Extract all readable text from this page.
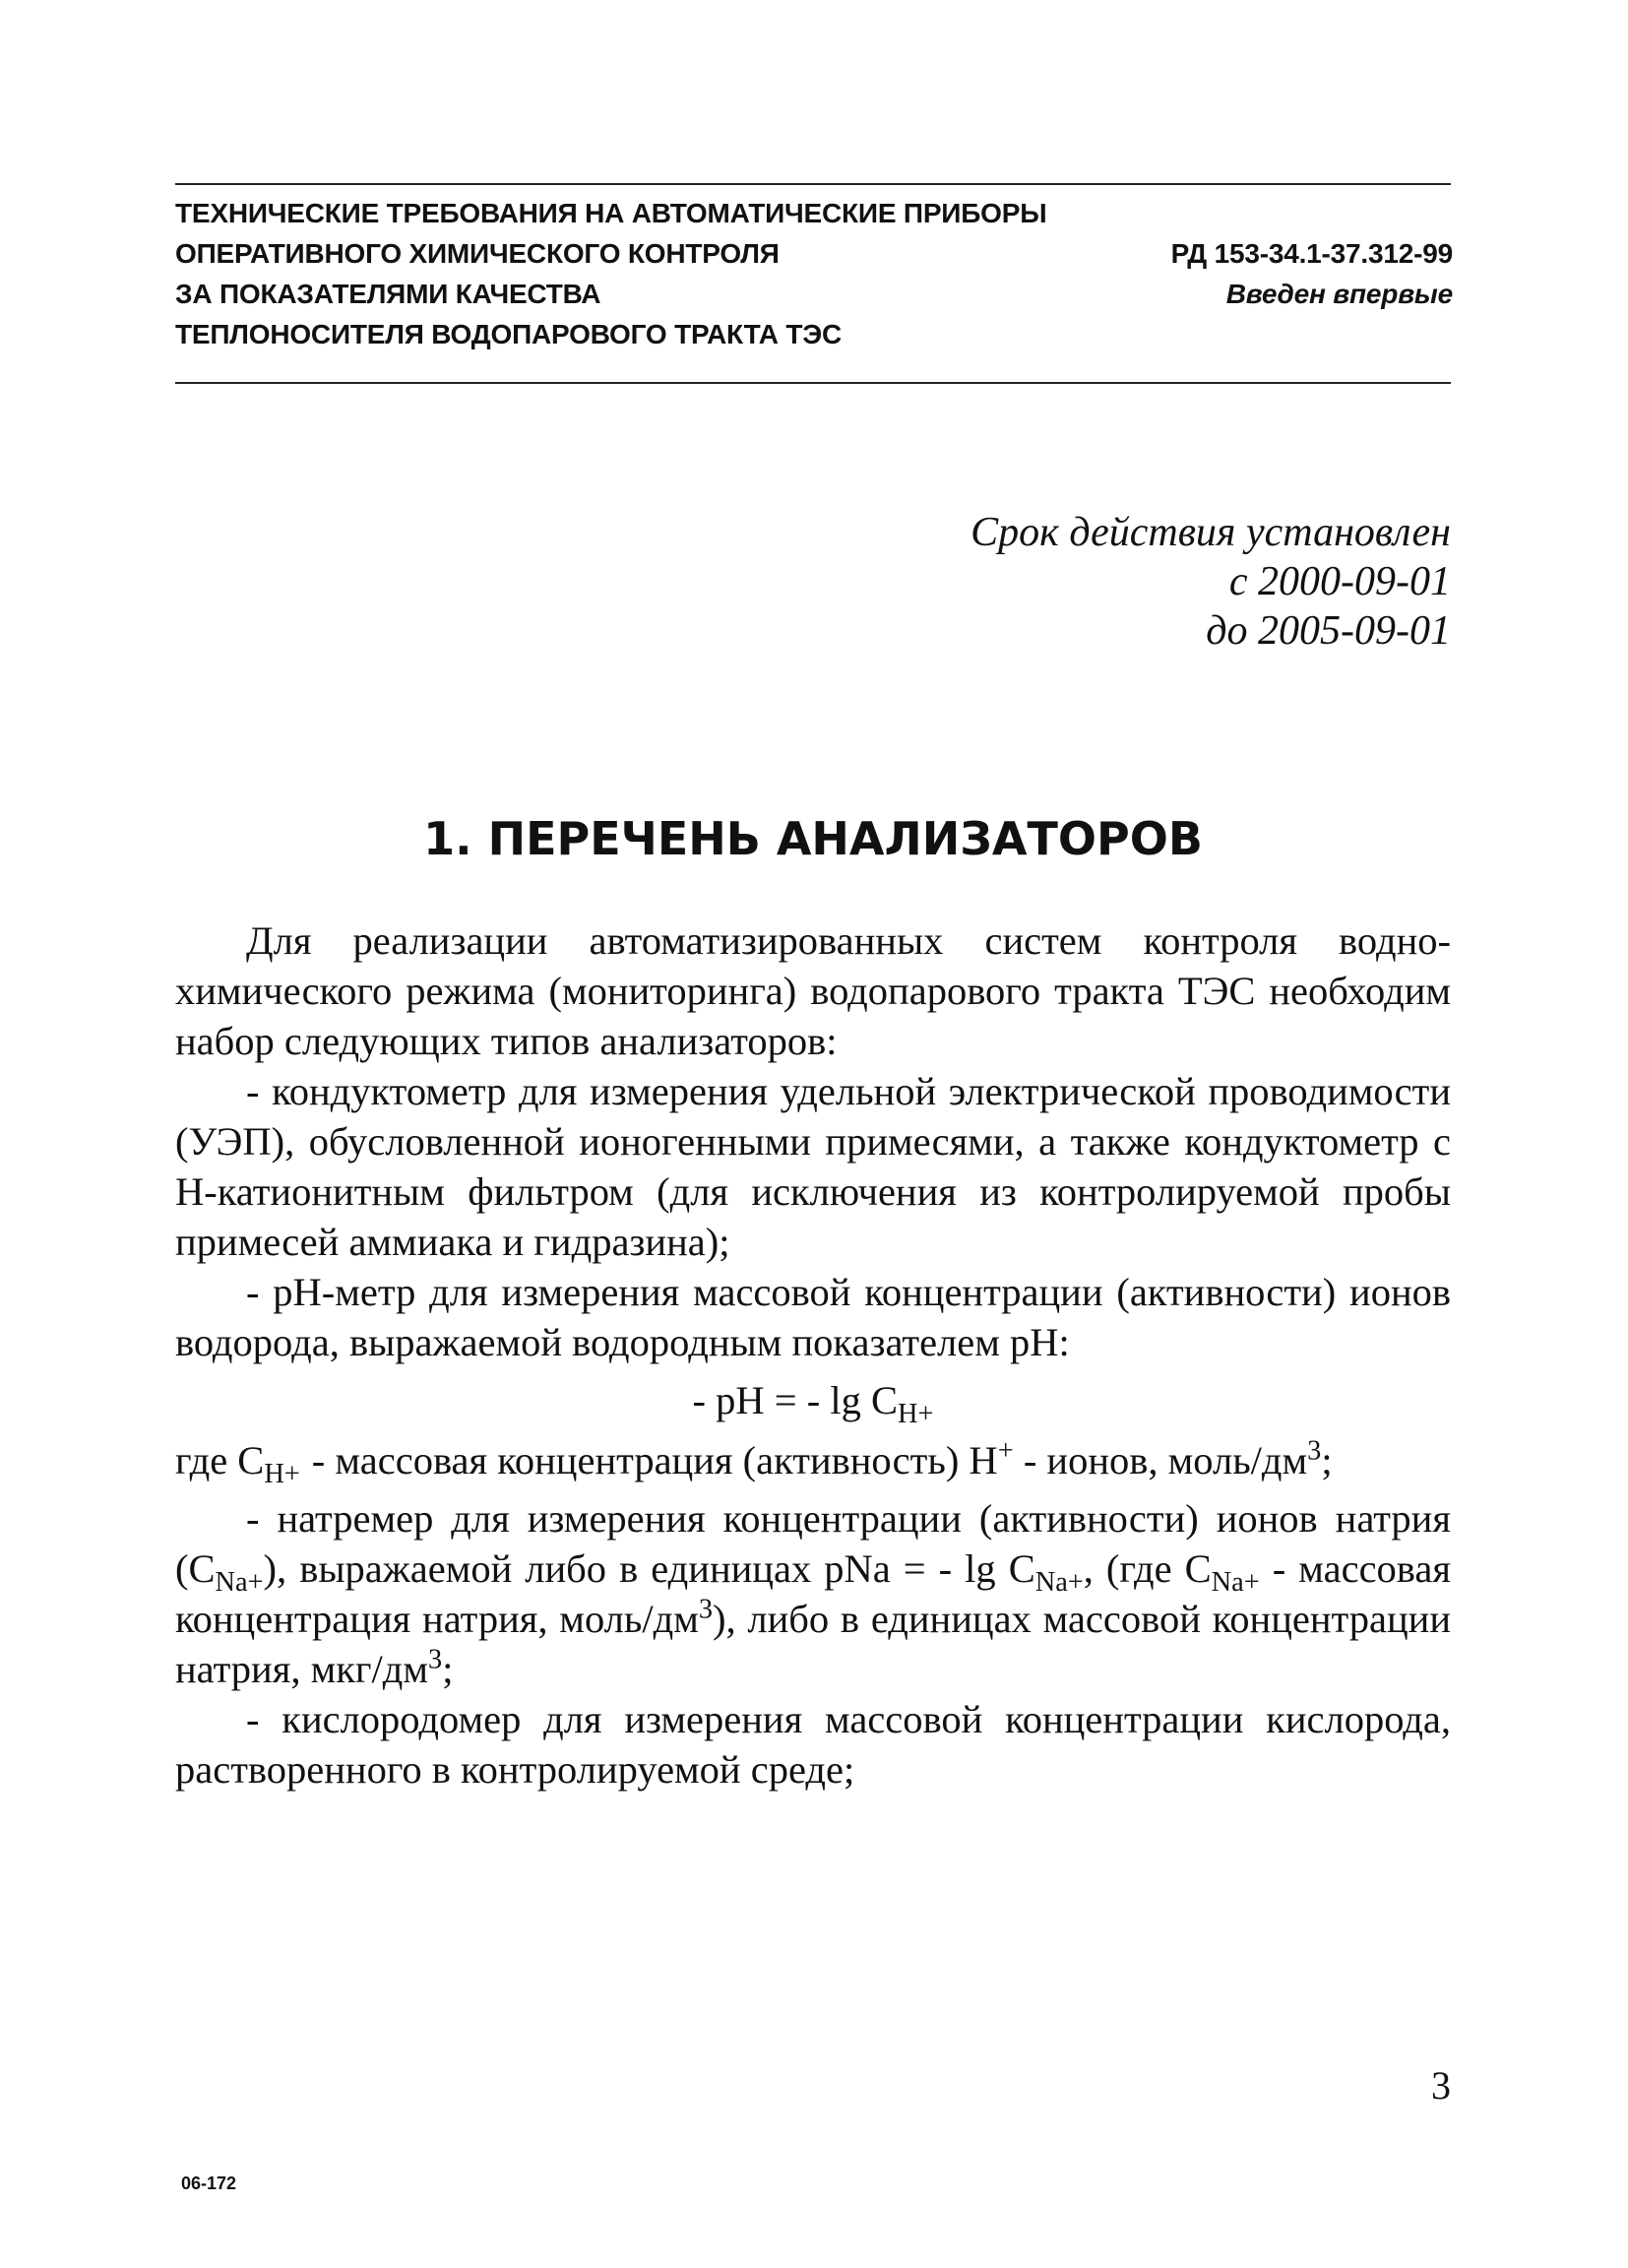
ТЕХНИЧЕСКИЕ ТРЕБОВАНИЯ НА АВТОМАТИЧЕСКИЕ ПРИБОРЫ
ОПЕРАТИВНОГО ХИМИЧЕСКОГО КОНТРОЛЯ
ЗА ПОКАЗАТЕЛЯМИ КАЧЕСТВА
ТЕПЛОНОСИТЕЛЯ ВОДОПАРОВОГО ТРАКТА ТЭС
РД 153-34.1-37.312-99
Введен впервые
Срок действия установлен
с 2000-09-01
до 2005-09-01
1. ПЕРЕЧЕНЬ АНАЛИЗАТОРОВ

Для реализации автоматизированных систем контроля водно-химического режима (мониторинга) водопарового тракта ТЭС необходим набор следующих типов анализаторов:

- кондуктометр для измерения удельной электрической проводимости (УЭП), обусловленной ионогенными примесями, а также кондуктометр с Н-катионитным фильтром (для исключения из контролируемой пробы примесей аммиака и гидразина);

- рН-метр для измерения массовой концентрации (активности) ионов водорода, выражаемой водородным показателем рН:

- рН = - $\lg C_{H+}$

где $C_{H+}$ - массовая концентрация (активность) Н+ - ионов, моль/$дм^3$;

- натремер для измерения концентрации (активности) ионов натрия $(C_{Na+})$, выражаемой либо в единицах pNa = - $\lg C_{Na+}$, (где $C_{Na+}$ - массовая концентрация натрия, моль/$дм^3$), либо в единицах массовой концентрации натрия, мкг/$дм^3$;

- кислородомер для измерения массовой концентрации кислорода, растворенного в контролируемой среде;

3
06-172
